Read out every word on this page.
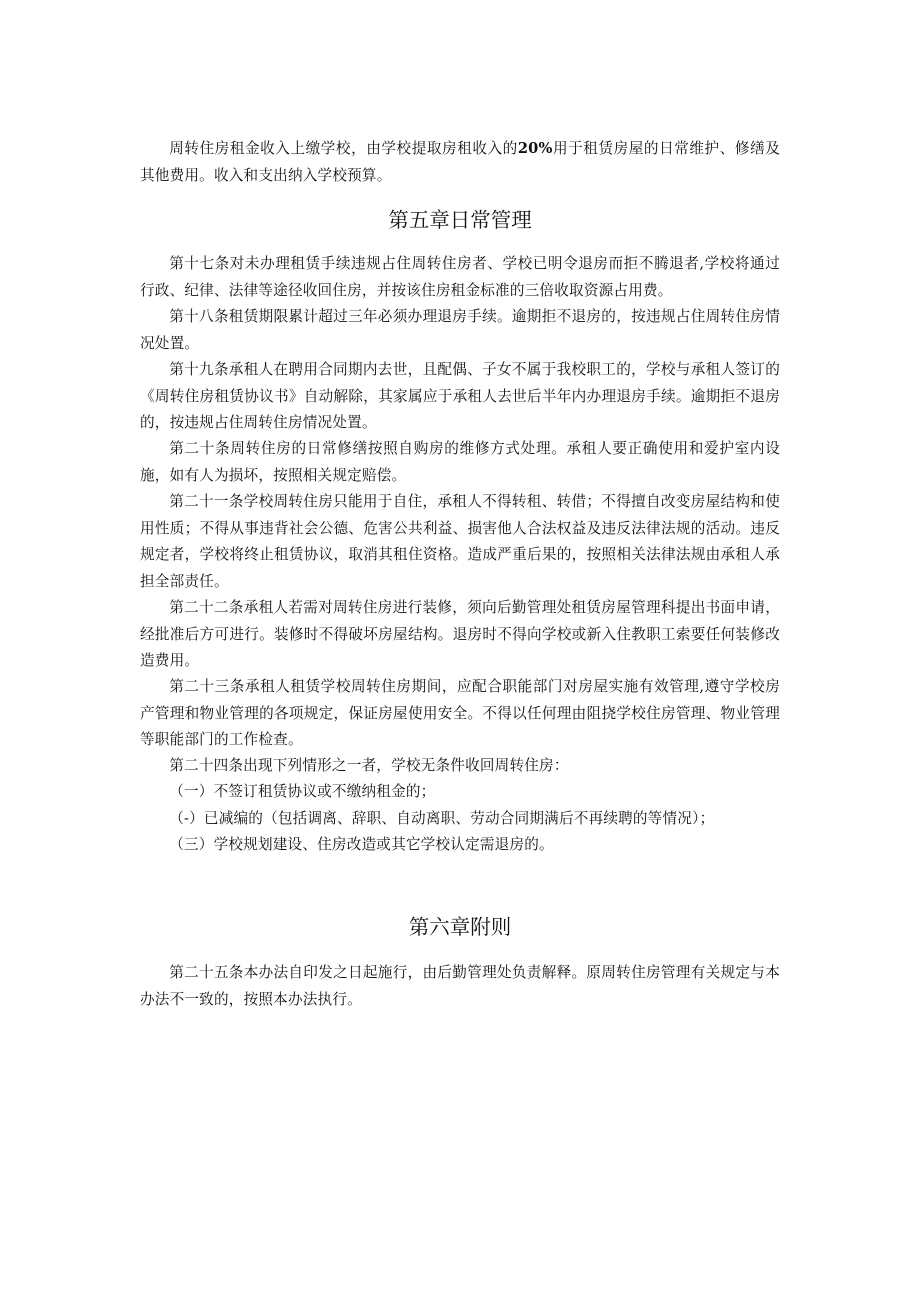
周转住房租金收入上缴学校，由学校提取房租收入的20%用于租赁房屋的日常维护、修缮及其他费用。收入和支出纳入学校预算。

第五章日常管理

第十七条对未办理租赁手续违规占住周转住房者、学校已明令退房而拒不腾退者,学校将通过行政、纪律、法律等途径收回住房，并按该住房租金标准的三倍收取资源占用费。

第十八条租赁期限累计超过三年必须办理退房手续。逾期拒不退房的，按违规占住周转住房情况处置。

第十九条承租人在聘用合同期内去世，且配偶、子女不属于我校职工的，学校与承租人签订的《周转住房租赁协议书》自动解除，其家属应于承租人去世后半年内办理退房手续。逾期拒不退房的，按违规占住周转住房情况处置。

第二十条周转住房的日常修缮按照自购房的维修方式处理。承租人要正确使用和爱护室内设施，如有人为损坏，按照相关规定赔偿。

第二十一条学校周转住房只能用于自住，承租人不得转租、转借；不得擅自改变房屋结构和使用性质；不得从事违背社会公德、危害公共利益、损害他人合法权益及违反法律法规的活动。违反规定者，学校将终止租赁协议，取消其租住资格。造成严重后果的，按照相关法律法规由承租人承担全部责任。

第二十二条承租人若需对周转住房进行装修，须向后勤管理处租赁房屋管理科提出书面申请，经批准后方可进行。装修时不得破坏房屋结构。退房时不得向学校或新入住教职工索要任何装修改造费用。

第二十三条承租人租赁学校周转住房期间，应配合职能部门对房屋实施有效管理,遵守学校房产管理和物业管理的各项规定，保证房屋使用安全。不得以任何理由阻挠学校住房管理、物业管理等职能部门的工作检查。

第二十四条出现下列情形之一者，学校无条件收回周转住房：

（一）不签订租赁协议或不缴纳租金的；

（-）已减编的（包括调离、辞职、自动离职、劳动合同期满后不再续聘的等情况）；

（三）学校规划建设、住房改造或其它学校认定需退房的。

第六章附则

第二十五条本办法自印发之日起施行，由后勤管理处负责解释。原周转住房管理有关规定与本办法不一致的，按照本办法执行。
